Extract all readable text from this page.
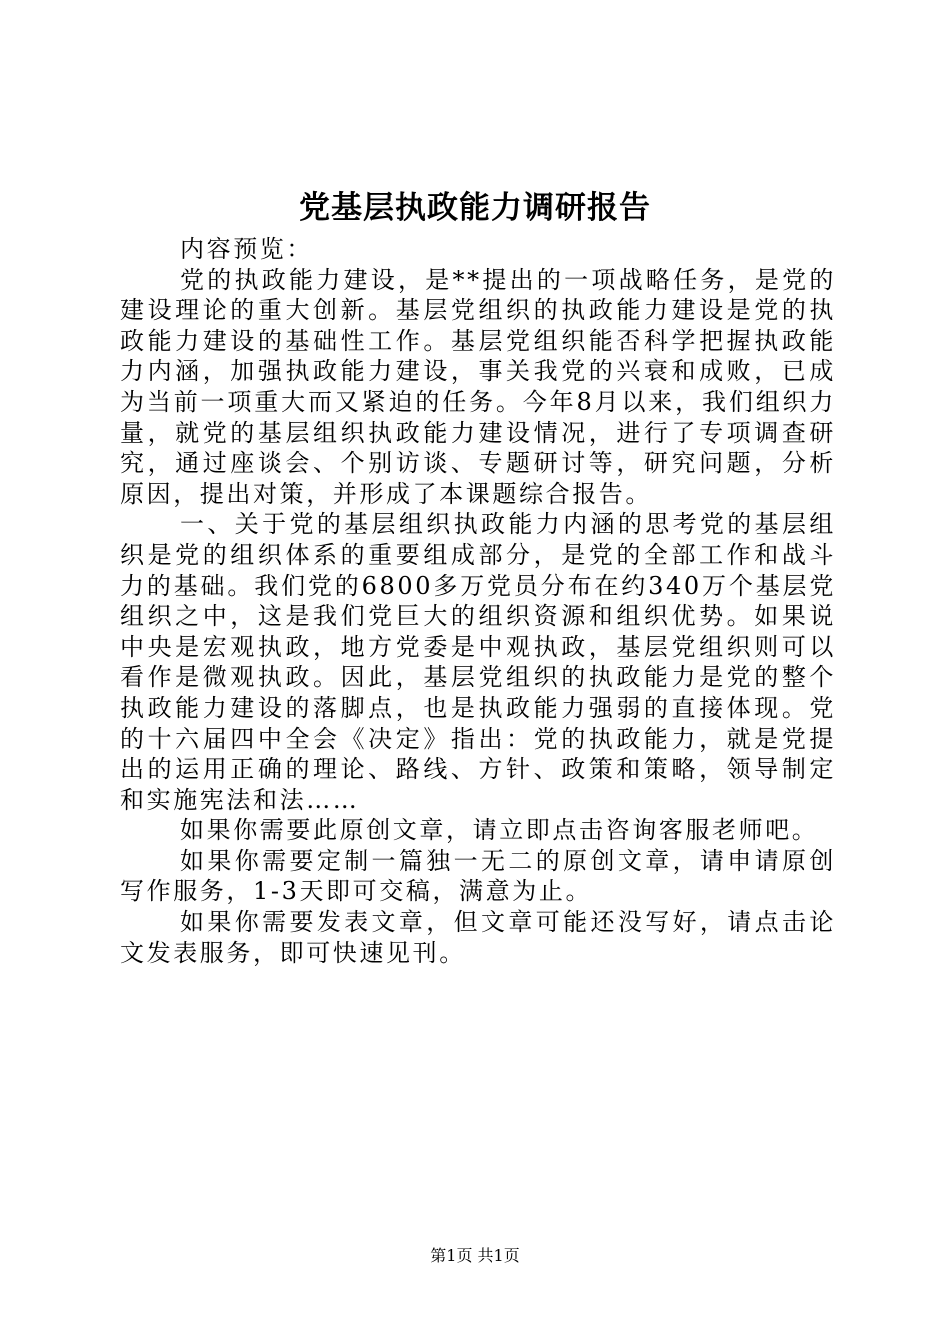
党基层执政能力调研报告

内容预览：

党的执政能力建设，是**提出的一项战略任务，是党的建设理论的重大创新。基层党组织的执政能力建设是党的执政能力建设的基础性工作。基层党组织能否科学把握执政能力内涵，加强执政能力建设，事关我党的兴衰和成败，已成为当前一项重大而又紧迫的任务。今年8月以来，我们组织力量，就党的基层组织执政能力建设情况，进行了专项调查研究，通过座谈会、个别访谈、专题研讨等，研究问题，分析原因，提出对策，并形成了本课题综合报告。

一、关于党的基层组织执政能力内涵的思考党的基层组织是党的组织体系的重要组成部分，是党的全部工作和战斗力的基础。我们党的6800多万党员分布在约340万个基层党组织之中，这是我们党巨大的组织资源和组织优势。如果说中央是宏观执政，地方党委是中观执政，基层党组织则可以看作是微观执政。因此，基层党组织的执政能力是党的整个执政能力建设的落脚点，也是执政能力强弱的直接体现。党的十六届四中全会《决定》指出：党的执政能力，就是党提出的运用正确的理论、路线、方针、政策和策略，领导制定和实施宪法和法……

如果你需要此原创文章，请立即点击咨询客服老师吧。

如果你需要定制一篇独一无二的原创文章，请申请原创写作服务，1-3天即可交稿，满意为止。

如果你需要发表文章，但文章可能还没写好，请点击论文发表服务，即可快速见刊。

第1页 共1页
